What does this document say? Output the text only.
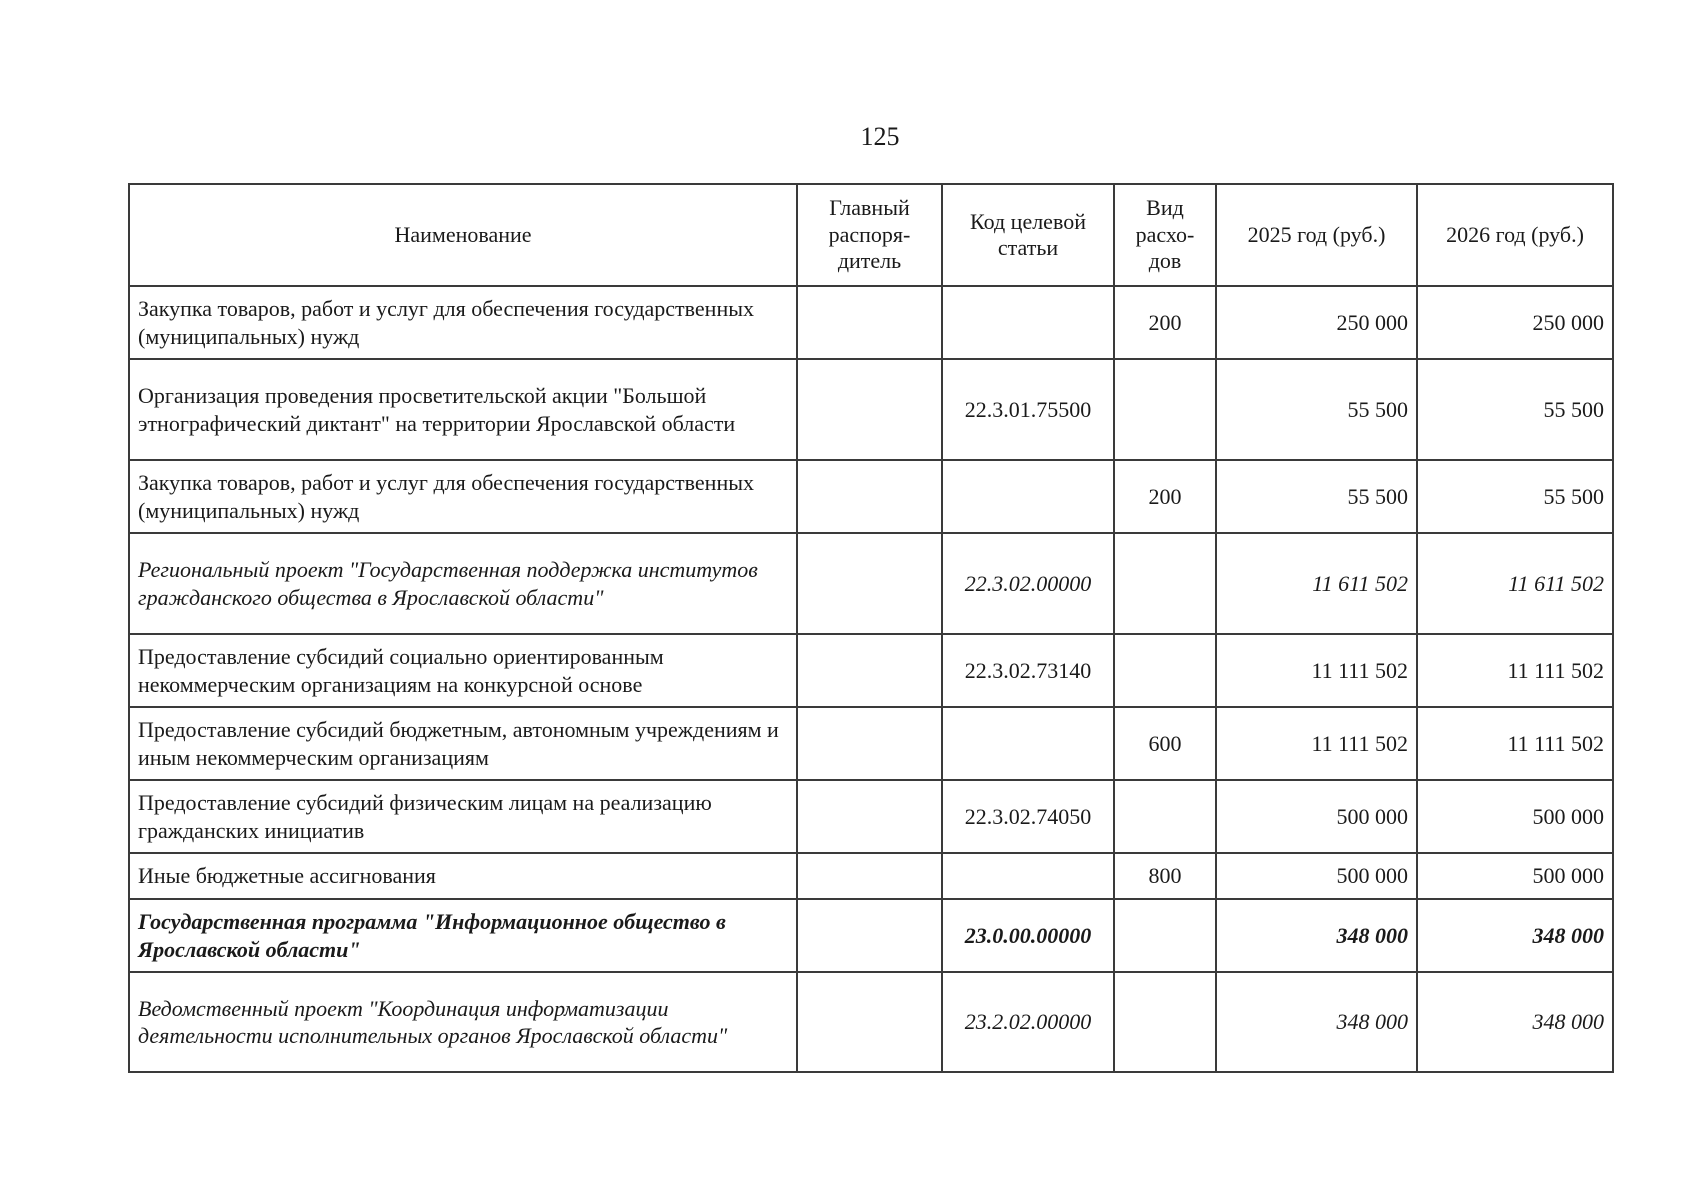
125
Наименование	Главный распоря-дитель	Код целевой статьи	Вид расхо-дов	2025 год (руб.)	2026 год (руб.)
Закупка товаров, работ и услуг для обеспечения государственных (муниципальных) нужд			200	250 000	250 000
Организация проведения просветительской акции "Большой этнографический диктант" на территории Ярославской области		22.3.01.75500		55 500	55 500
Закупка товаров, работ и услуг для обеспечения государственных (муниципальных) нужд			200	55 500	55 500
Региональный проект "Государственная поддержка институтов гражданского общества в Ярославской области"		22.3.02.00000		11 611 502	11 611 502
Предоставление субсидий социально ориентированным некоммерческим организациям на конкурсной основе		22.3.02.73140		11 111 502	11 111 502
Предоставление субсидий бюджетным, автономным учреждениям и иным некоммерческим организациям			600	11 111 502	11 111 502
Предоставление субсидий физическим лицам на реализацию гражданских инициатив		22.3.02.74050		500 000	500 000
Иные бюджетные ассигнования			800	500 000	500 000
Государственная программа "Информационное общество в Ярославской области"		23.0.00.00000		348 000	348 000
Ведомственный проект "Координация информатизации деятельности исполнительных органов Ярославской области"		23.2.02.00000		348 000	348 000
